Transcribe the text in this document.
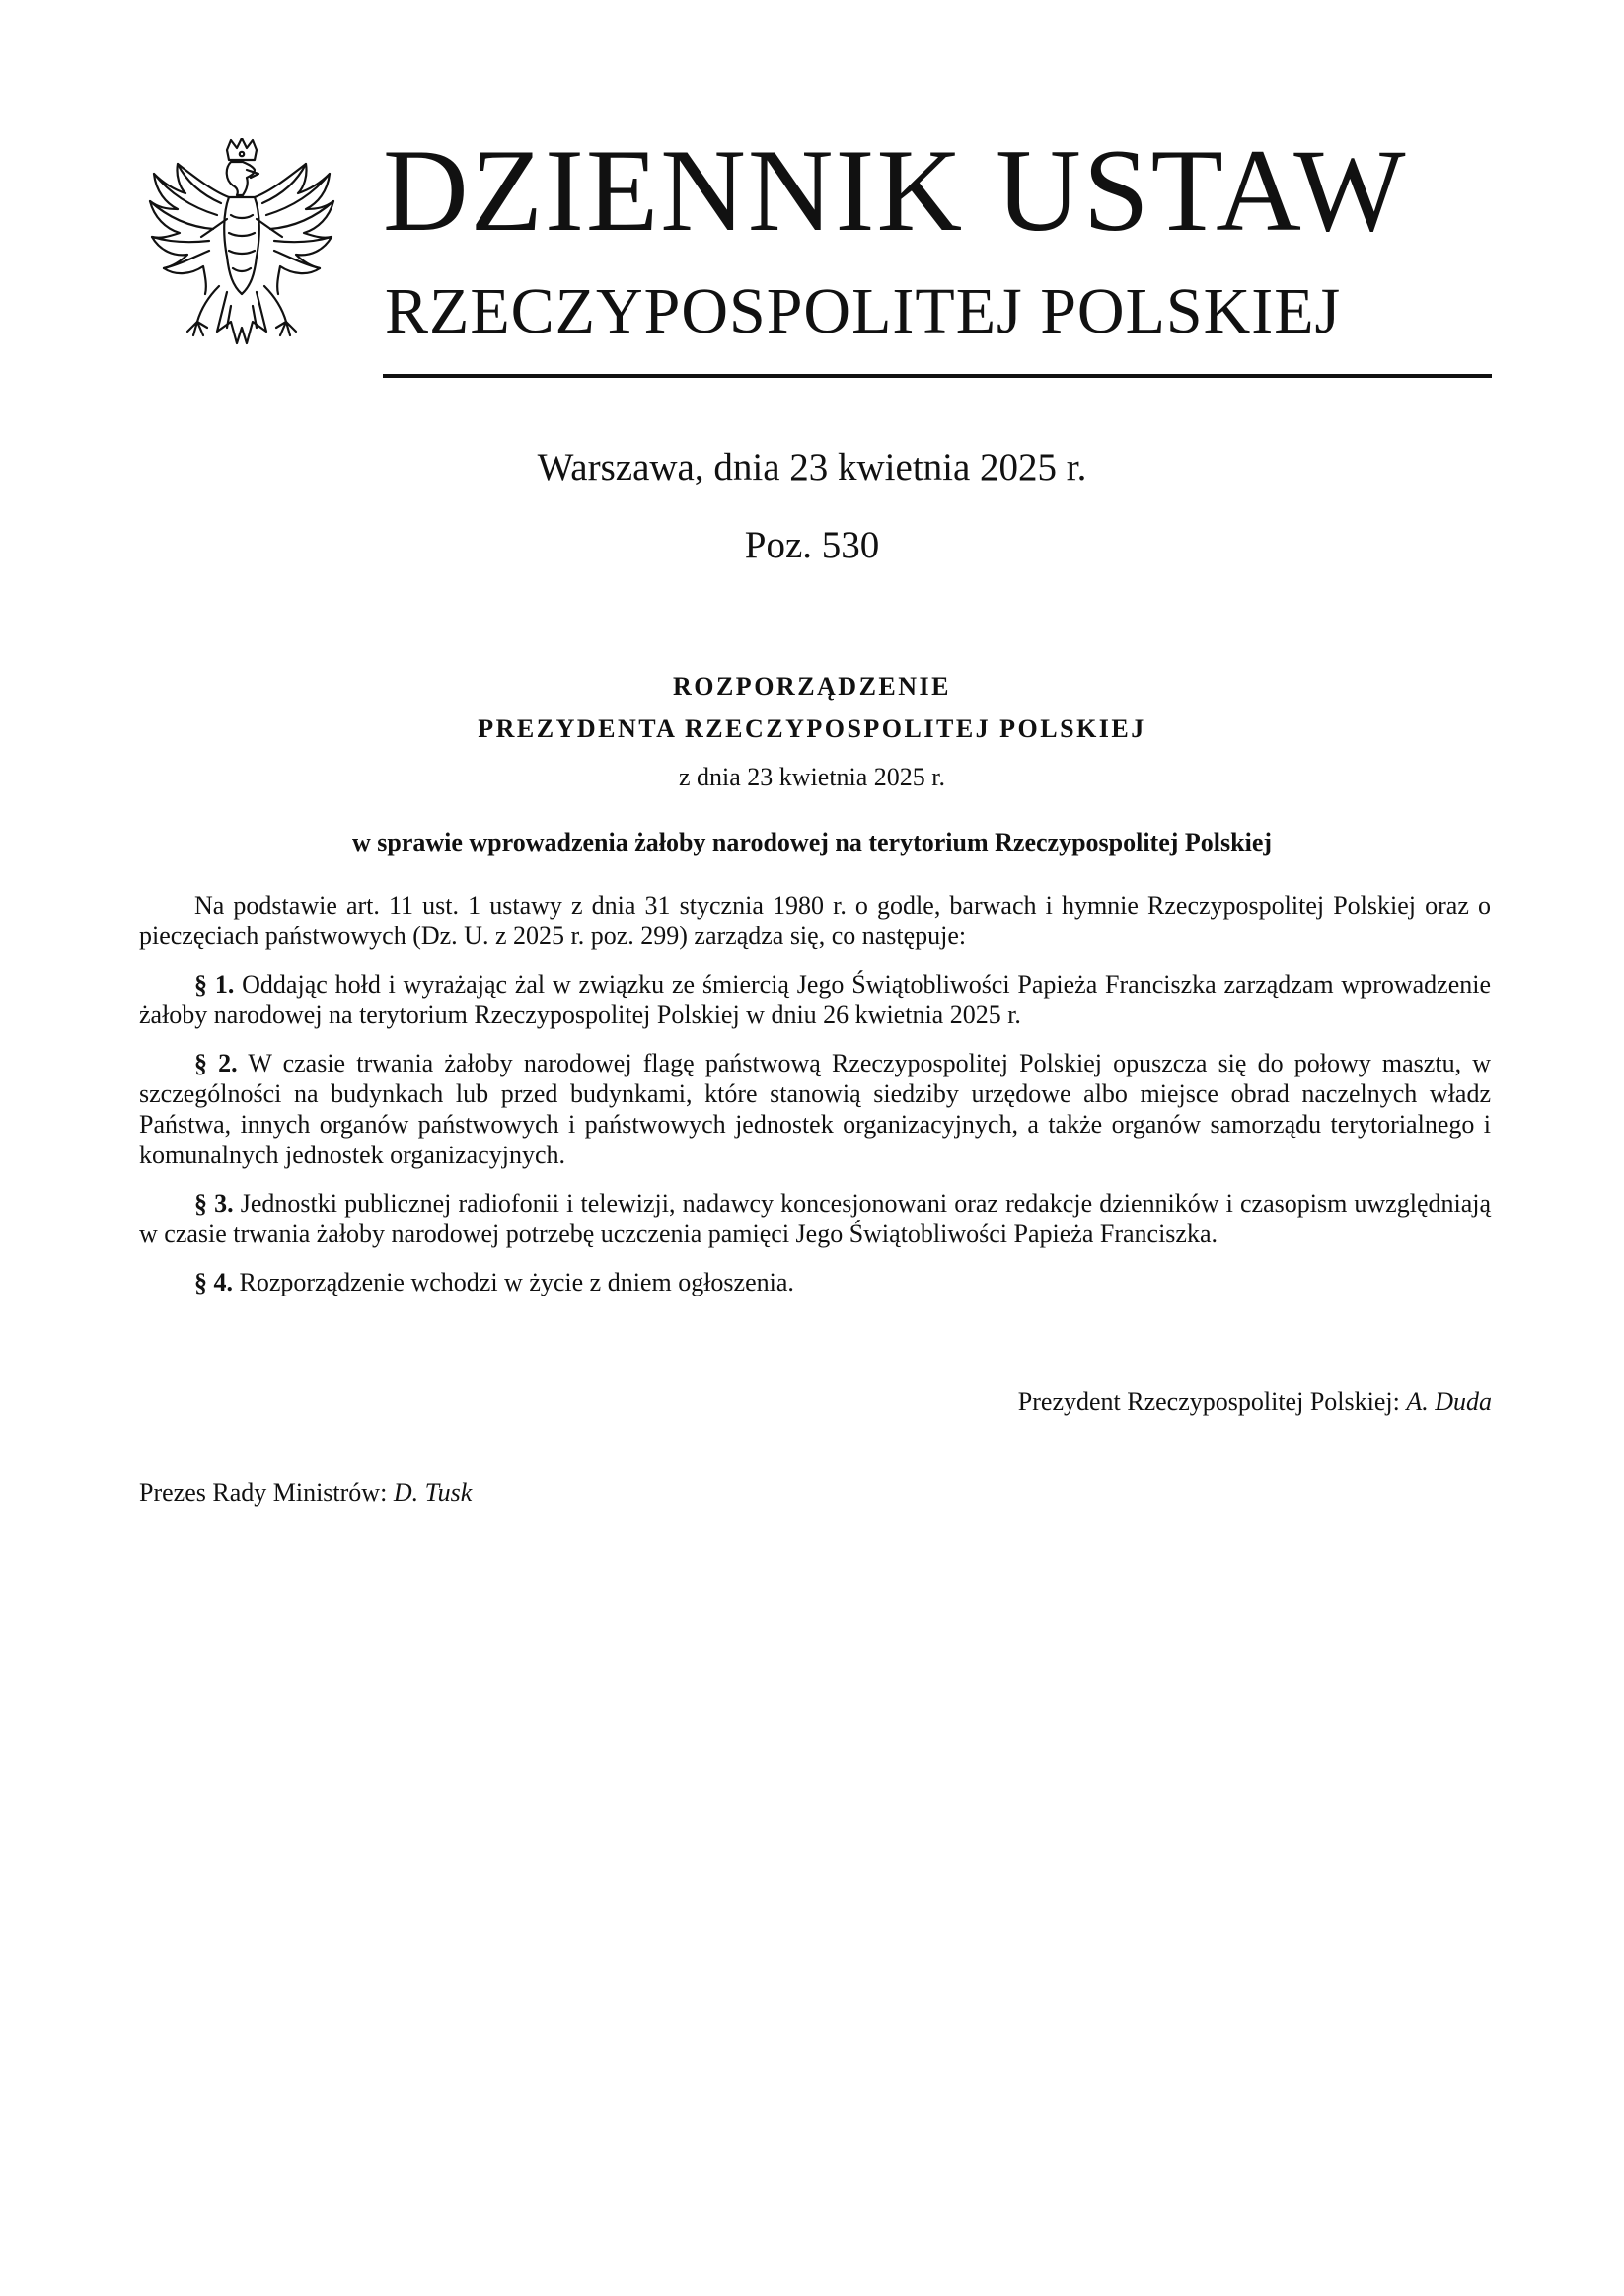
DZIENNIK USTAW
RZECZYPOSPOLITEJ POLSKIEJ
Warszawa, dnia 23 kwietnia 2025 r.
Poz. 530
ROZPORZĄDZENIE
PREZYDENTA RZECZYPOSPOLITEJ POLSKIEJ
z dnia 23 kwietnia 2025 r.
w sprawie wprowadzenia żałoby narodowej na terytorium Rzeczypospolitej Polskiej

Na podstawie art. 11 ust. 1 ustawy z dnia 31 stycznia 1980 r. o godle, barwach i hymnie Rzeczypospolitej Polskiej oraz o pieczęciach państwowych (Dz. U. z 2025 r. poz. 299) zarządza się, co następuje:

§ 1. Oddając hołd i wyrażając żal w związku ze śmiercią Jego Świątobliwości Papieża Franciszka zarządzam wprowadzenie żałoby narodowej na terytorium Rzeczypospolitej Polskiej w dniu 26 kwietnia 2025 r.

§ 2. W czasie trwania żałoby narodowej flagę państwową Rzeczypospolitej Polskiej opuszcza się do połowy masztu, w szczególności na budynkach lub przed budynkami, które stanowią siedziby urzędowe albo miejsce obrad naczelnych władz Państwa, innych organów państwowych i państwowych jednostek organizacyjnych, a także organów samorządu terytorialnego i komunalnych jednostek organizacyjnych.

§ 3. Jednostki publicznej radiofonii i telewizji, nadawcy koncesjonowani oraz redakcje dzienników i czasopism uwzględniają w czasie trwania żałoby narodowej potrzebę uczczenia pamięci Jego Świątobliwości Papieża Franciszka.

§ 4. Rozporządzenie wchodzi w życie z dniem ogłoszenia.

Prezydent Rzeczypospolitej Polskiej: A. Duda
Prezes Rady Ministrów: D. Tusk
